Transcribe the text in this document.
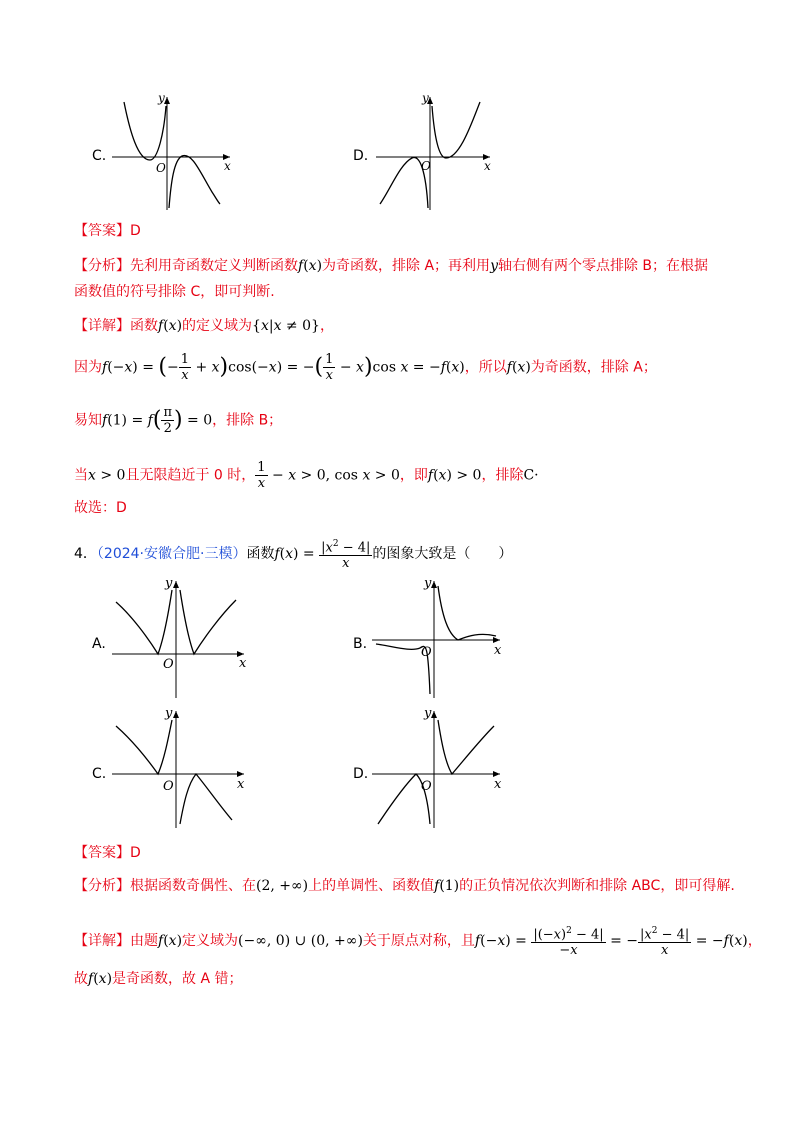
C.
O	x
y
D.
O	x
y
【答案】D
【分析】先利用奇函数定义判断函数f(x)为奇函数，排除 A；再利用y轴右侧有两个零点排除 B；在根据
函数值的符号排除 C，即可判断.
【详解】函数f(x)的定义域为{x|x ≠ 0}，
因为f(−x) = (− $\frac{1}{x} + x)\cos(-x)$ = −( $\frac{1}{x} - x)\cos$ x = −f(x)，所以f(x)为奇函数，排除 A；
易知$f(1) = f( \frac{\pi}{2}$ ) = 0，排除 B；
当x > 0且无限趋近于 0 时， $\frac{1}{x} - x > 0$, cos x > 0，即f(x) > 0，排除C·
故选：D
4．（2024·安徽合肥·三模）函数$f(x) = \frac{|x^2 - 4|}{x}$ 的图象大致是（　　）
A.
O	x
y
B.
O	x
y
C.
O	x
y
D.
O	x
y
【答案】D
【分析】根据函数奇偶性、在(2, +∞)上的单调性、函数值f(1)的正负情况依次判断和排除 ABC，即可得解.
【详解】由题f(x)定义域为(−∞, 0) ∪ (0, +∞)关于原点对称，且$f(-x) = \frac{|(-x)^2 - 4|}{-x}$ = − $\frac{|x^2 - 4|}{x} = -f(x)$，
故f(x)是奇函数，故 A 错；
